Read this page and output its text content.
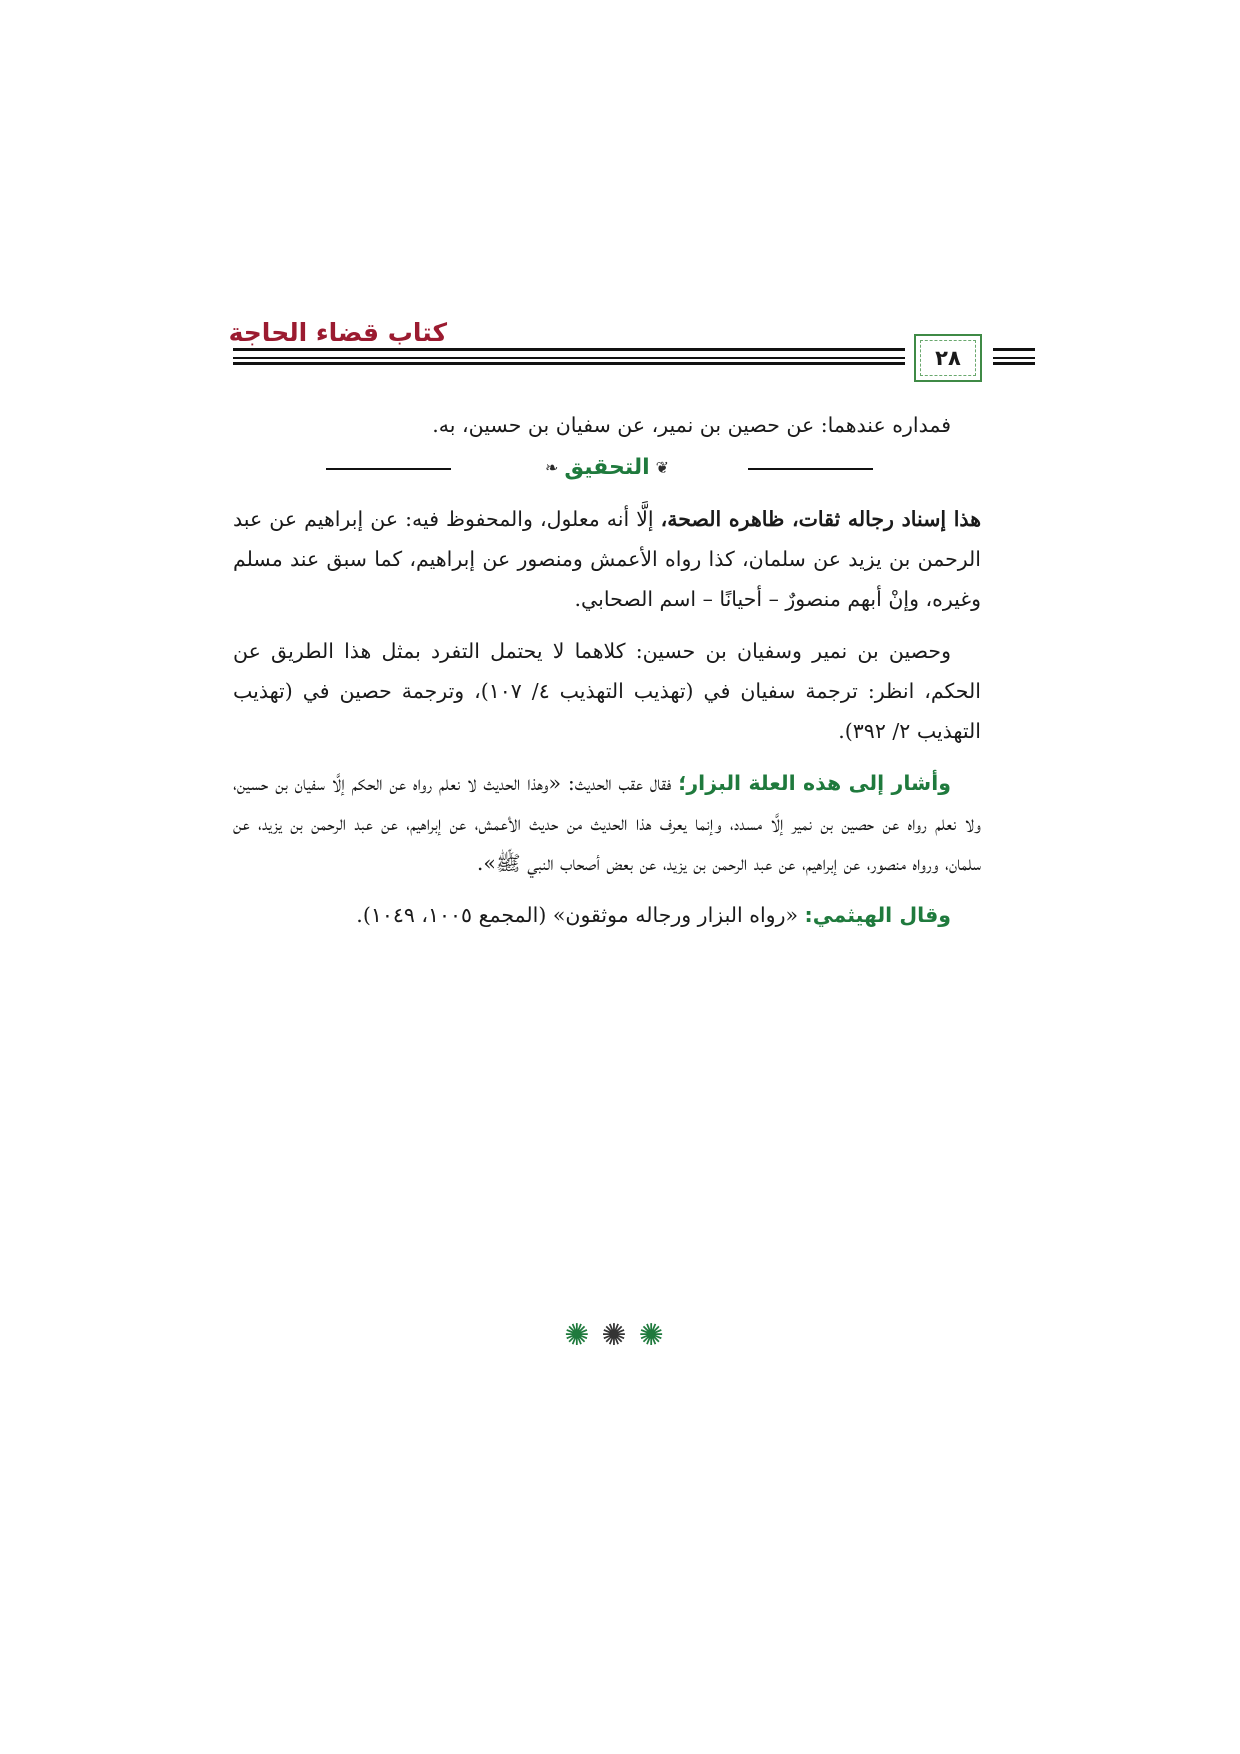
كتاب قضاء الحاجة
٢٨

فمداره عندهما: عن حصين بن نمير، عن سفيان بن حسين، به.

❦
التحقيق
❧

هذا إسناد رجاله ثقات، ظاهره الصحة، إلَّا أنه معلول، والمحفوظ فيه: عن إبراهيم عن عبد الرحمن بن يزيد عن سلمان، كذا رواه الأعمش ومنصور عن إبراهيم، كما سبق عند مسلم وغيره، وإنْ أبهم منصورٌ – أحيانًا – اسم الصحابي.

وحصين بن نمير وسفيان بن حسين: كلاهما لا يحتمل التفرد بمثل هذا الطريق عن الحكم، انظر: ترجمة سفيان في (تهذيب التهذيب ٤/ ١٠٧)، وترجمة حصين في (تهذيب التهذيب ٢/ ٣٩٢).

وأشار إلى هذه العلة البزار؛ فقال عقب الحديث: «وهذا الحديث لا نعلم رواه عن الحكم إلَّا سفيان بن حسين، ولا نعلم رواه عن حصين بن نمير إلَّا مسدد، وإنما يعرف هذا الحديث من حديث الأعمش، عن إبراهيم، عن عبد الرحمن بن يزيد، عن سلمان، ورواه منصور، عن إبراهيم، عن عبد الرحمن بن يزيد، عن بعض أصحاب النبي ﷺ».

وقال الهيثمي: «رواه البزار ورجاله موثقون» (المجمع ١٠٠٥، ١٠٤٩).

✺✺✺
